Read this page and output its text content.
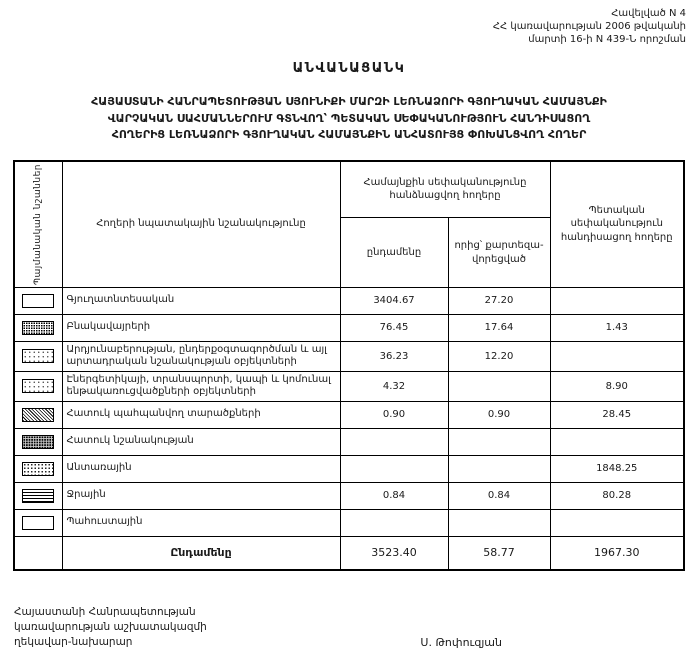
Հավելված N 4
ՀՀ կառավարության 2006 թվականի
մարտի 16-ի N 439-Ն որոշման
ԱՆՎԱՆԱՑԱՆԿ
ՀԱՅԱՍՏԱՆԻ ՀԱՆՐԱՊԵՏՈՒԹՅԱՆ ՍՅՈՒՆԻՔԻ ՄԱՐԶԻ ԼԵՌՆԱՁՈՐԻ ԳՅՈՒՂԱԿԱՆ ՀԱՄԱՅՆՔԻ
ՎԱՐՉԱԿԱՆ ՍԱՀՄԱՆՆԵՐՈՒՄ ԳՏՆՎՈՂ՝ ՊԵՏԱԿԱՆ ՍԵՓԱԿԱՆՈՒԹՅՈՒՆ ՀԱՆԴԻՍԱՑՈՂ
ՀՈՂԵՐԻՑ ԼԵՌՆԱՁՈՐԻ ԳՅՈՒՂԱԿԱՆ ՀԱՄԱՅՆՔԻՆ ԱՆՀԱՏՈՒՅՑ ՓՈԽԱՆՑՎՈՂ ՀՈՂԵՐ
Պայմանական նշաններ	Հողերի նպատակային նշանակությունը	Համայնքին սեփականությունը հանձնացվող հողերը		Պետական սեփականություն հանդիսացող հողերը
		ընդամենը	որից՝ քարտեզա-վորեցված	
	Գյուղատնտեսական	3404.67	27.20	
	Բնակավայրերի	76.45	17.64	1.43
	Արդյունաբերության, ընդերքօգտագործման և այլ արտադրական նշանակության օբյեկտների	36.23	12.20	
	Էներգետիկայի, տրանսպորտի, կապի և կոմունալ ենթակառուցվածքների օբյեկտների	4.32		8.90
	Հատուկ պահպանվող տարածքների	0.90	0.90	28.45
	Հատուկ նշանակության			
	Անտառային			1848.25
	Ջրային	0.84	0.84	80.28
	Պահուստային			
	Ընդամենը	3523.40	58.77	1967.30
Հայաստանի Հանրապետության
կառավարության աշխատակազմի
ղեկավար-նախարար	Ս. Թոփուզյան
